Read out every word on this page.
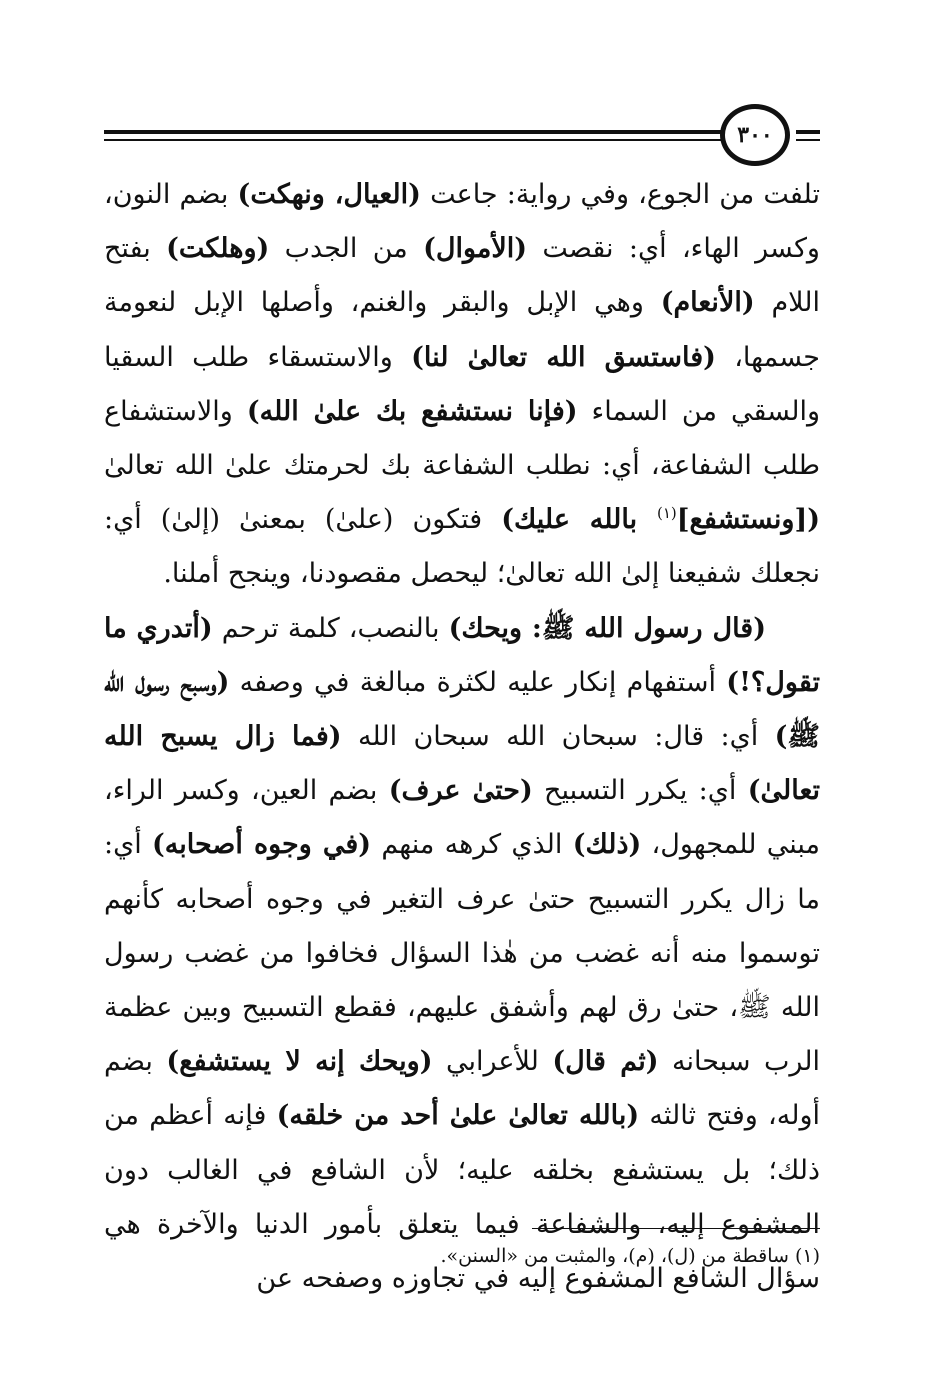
٣٠٠

تلفت من الجوع، وفي رواية: جاعت (العيال، ونهكت) بضم النون، وكسر الهاء، أي: نقصت (الأموال) من الجدب (وهلكت) بفتح اللام (الأنعام) وهي الإبل والبقر والغنم، وأصلها الإبل لنعومة جسمها، (فاستسق الله تعالىٰ لنا) والاستسقاء طلب السقيا والسقي من السماء (فإنا نستشفع بك علىٰ الله) والاستشفاع طلب الشفاعة، أي: نطلب الشفاعة بك لحرمتك علىٰ الله تعالىٰ ([ونستشفع]$^{(١)}$ بالله عليك) فتكون (علىٰ) بمعنىٰ (إلىٰ) أي: نجعلك شفيعنا إلىٰ الله تعالىٰ؛ ليحصل مقصودنا، وينجح أملنا.

(قال رسول الله ﷺ: ويحك) بالنصب، كلمة ترحم (أتدري ما تقول؟!) أستفهام إنكار عليه لكثرة مبالغة في وصفه (وسبح رسول الله ﷺ) أي: قال: سبحان الله سبحان الله (فما زال يسبح الله تعالىٰ) أي: يكرر التسبيح (حتىٰ عرف) بضم العين، وكسر الراء، مبني للمجهول، (ذلك) الذي كرهه منهم (في وجوه أصحابه) أي: ما زال يكرر التسبيح حتىٰ عرف التغير في وجوه أصحابه كأنهم توسموا منه أنه غضب من هٰذا السؤال فخافوا من غضب رسول الله ﷺ، حتىٰ رق لهم وأشفق عليهم، فقطع التسبيح وبين عظمة الرب سبحانه (ثم قال) للأعرابي (ويحك إنه لا يستشفع) بضم أوله، وفتح ثالثه (بالله تعالىٰ علىٰ أحد من خلقه) فإنه أعظم من ذلك؛ بل يستشفع بخلقه عليه؛ لأن الشافع في الغالب دون المشفوع إليه، والشفاعة فيما يتعلق بأمور الدنيا والآخرة هي سؤال الشافع المشفوع إليه في تجاوزه وصفحه عن

(١) ساقطة من (ل)، (م)، والمثبت من «السنن».
